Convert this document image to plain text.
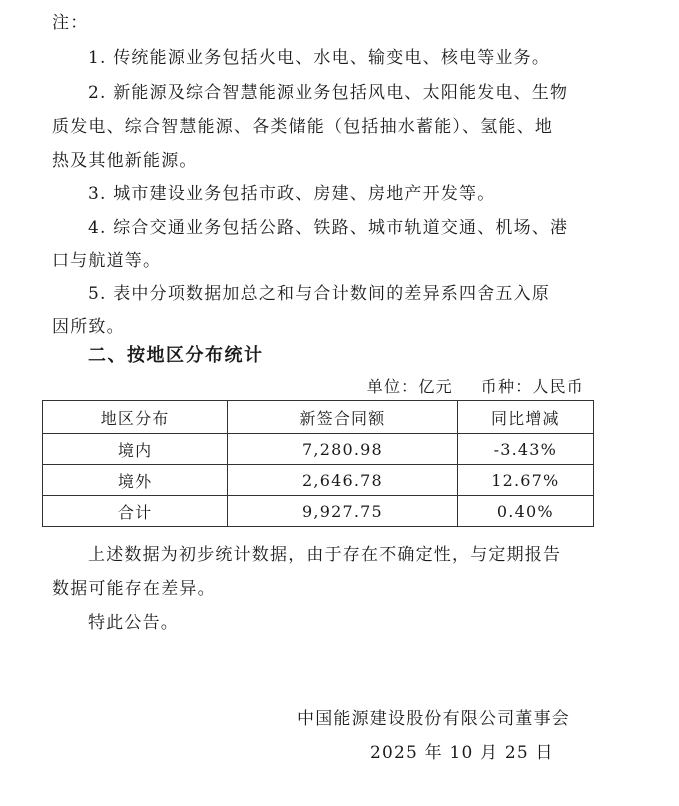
注：
1. 传统能源业务包括火电、水电、输变电、核电等业务。
2. 新能源及综合智慧能源业务包括风电、太阳能发电、生物
质发电、综合智慧能源、各类储能（包括抽水蓄能）、氢能、地
热及其他新能源。
3. 城市建设业务包括市政、房建、房地产开发等。
4. 综合交通业务包括公路、铁路、城市轨道交通、机场、港
口与航道等。
5. 表中分项数据加总之和与合计数间的差异系四舍五入原
因所致。
二、按地区分布统计
单位：亿元 币种：人民币
地区分布	新签合同额	同比增减
境内	7,280.98	-3.43%
境外	2,646.78	12.67%
合计	9,927.75	0.40%
上述数据为初步统计数据，由于存在不确定性，与定期报告
数据可能存在差异。
特此公告。
中国能源建设股份有限公司董事会
2025 年 10 月 25 日
